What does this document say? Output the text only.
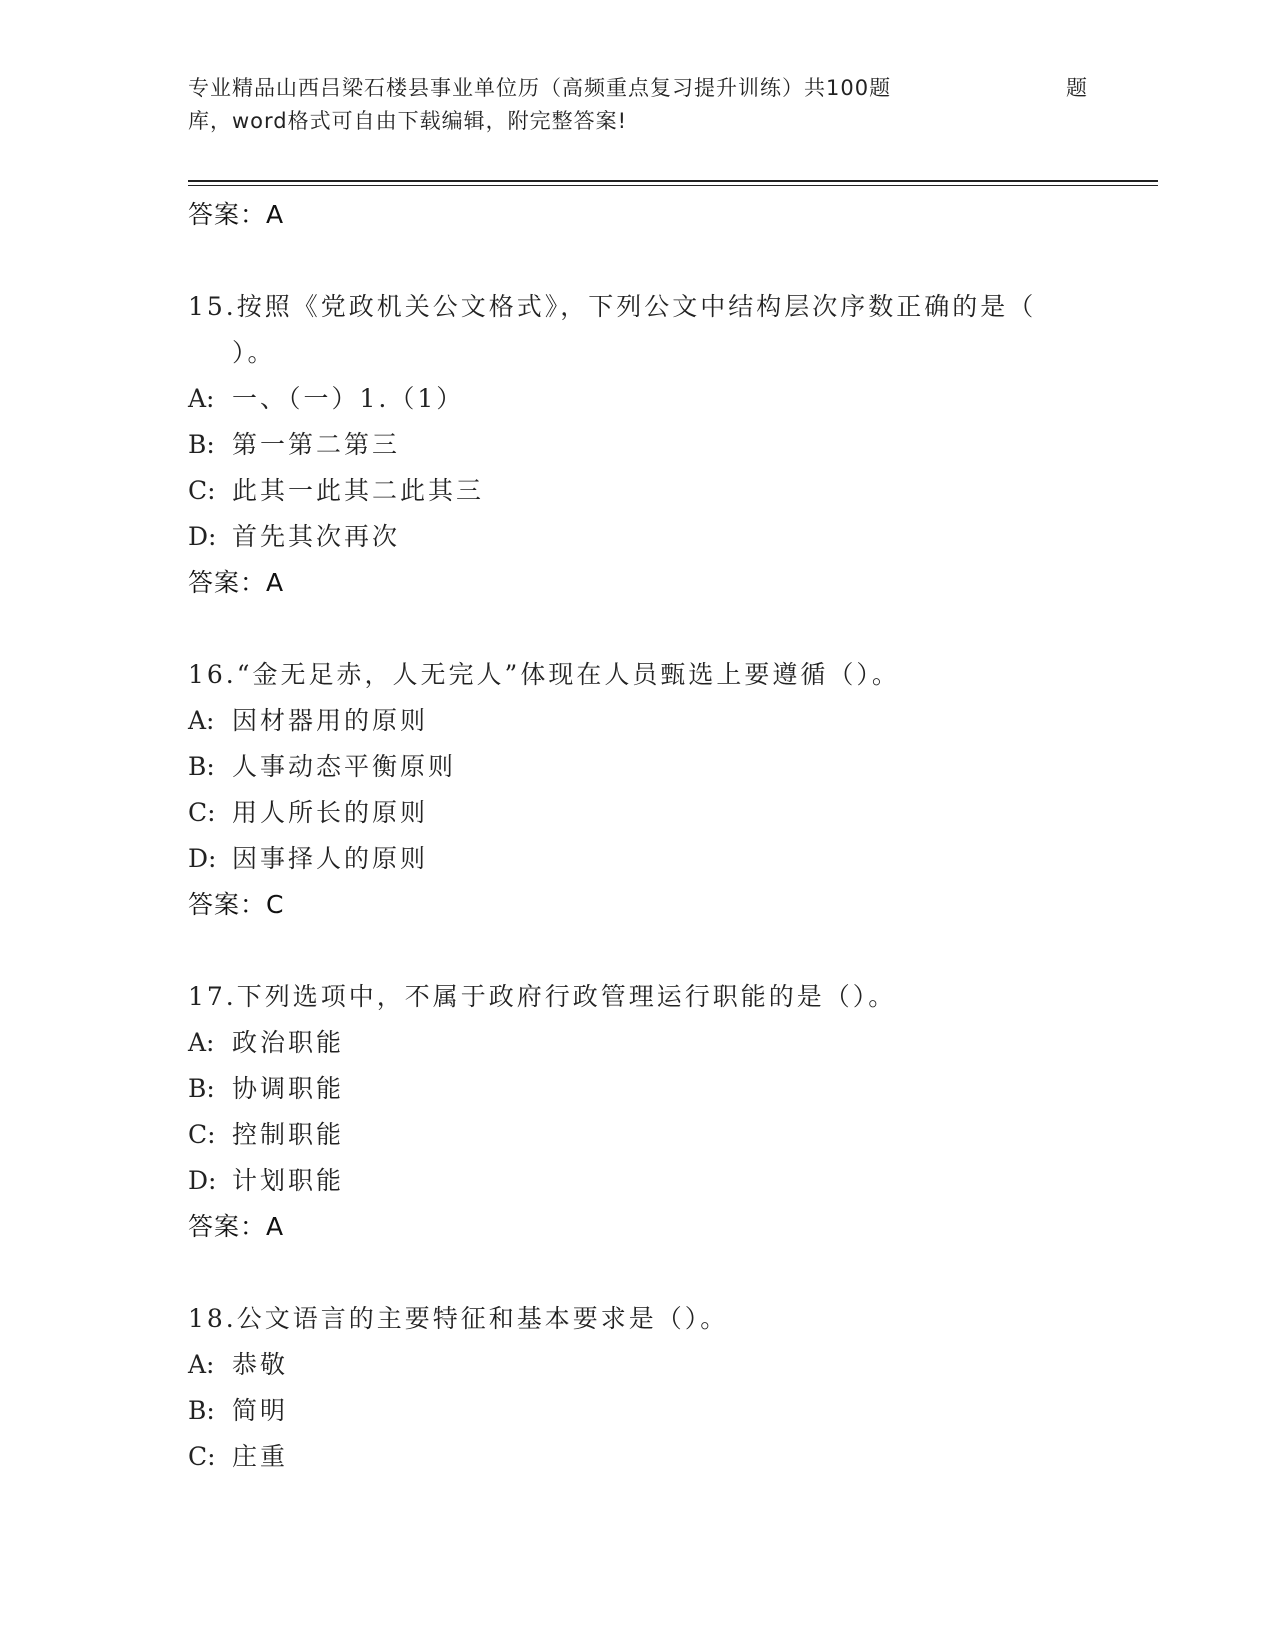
专业精品山西吕梁石楼县事业单位历（高频重点复习提升训练）共100题	题
库，word格式可自由下载编辑，附完整答案!
答案：A
15.按照《党政机关公文格式》，下列公文中结构层次序数正确的是（
）。
A: 一、（一）1.（1）
B: 第一第二第三
C: 此其一此其二此其三
D: 首先其次再次
答案：A
16.“金无足赤，人无完人”体现在人员甄选上要遵循（）。
A: 因材器用的原则
B: 人事动态平衡原则
C: 用人所长的原则
D: 因事择人的原则
答案：C
17.下列选项中，不属于政府行政管理运行职能的是（）。
A: 政治职能
B: 协调职能
C: 控制职能
D: 计划职能
答案：A
18.公文语言的主要特征和基本要求是（）。
A: 恭敬
B: 简明
C: 庄重
